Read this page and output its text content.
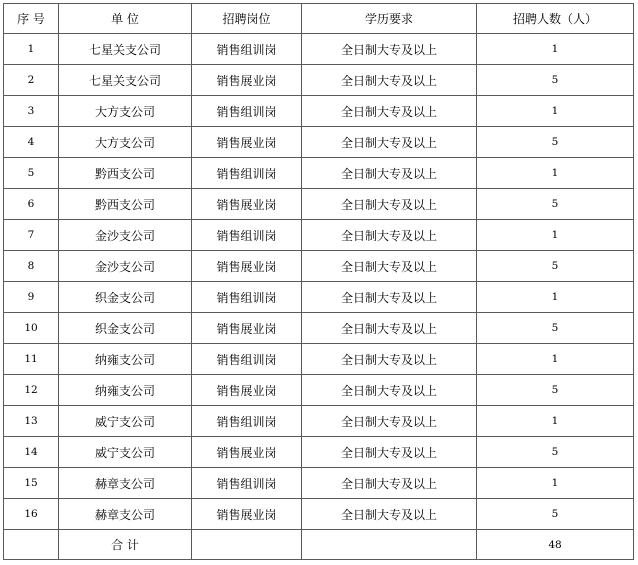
序 号	单 位	招聘岗位	学历要求	招聘人数（人）
1	七星关支公司	销售组训岗	全日制大专及以上	1
2	七星关支公司	销售展业岗	全日制大专及以上	5
3	大方支公司	销售组训岗	全日制大专及以上	1
4	大方支公司	销售展业岗	全日制大专及以上	5
5	黔西支公司	销售组训岗	全日制大专及以上	1
6	黔西支公司	销售展业岗	全日制大专及以上	5
7	金沙支公司	销售组训岗	全日制大专及以上	1
8	金沙支公司	销售展业岗	全日制大专及以上	5
9	织金支公司	销售组训岗	全日制大专及以上	1
10	织金支公司	销售展业岗	全日制大专及以上	5
11	纳雍支公司	销售组训岗	全日制大专及以上	1
12	纳雍支公司	销售展业岗	全日制大专及以上	5
13	威宁支公司	销售组训岗	全日制大专及以上	1
14	威宁支公司	销售展业岗	全日制大专及以上	5
15	赫章支公司	销售组训岗	全日制大专及以上	1
16	赫章支公司	销售展业岗	全日制大专及以上	5
	合 计			48
